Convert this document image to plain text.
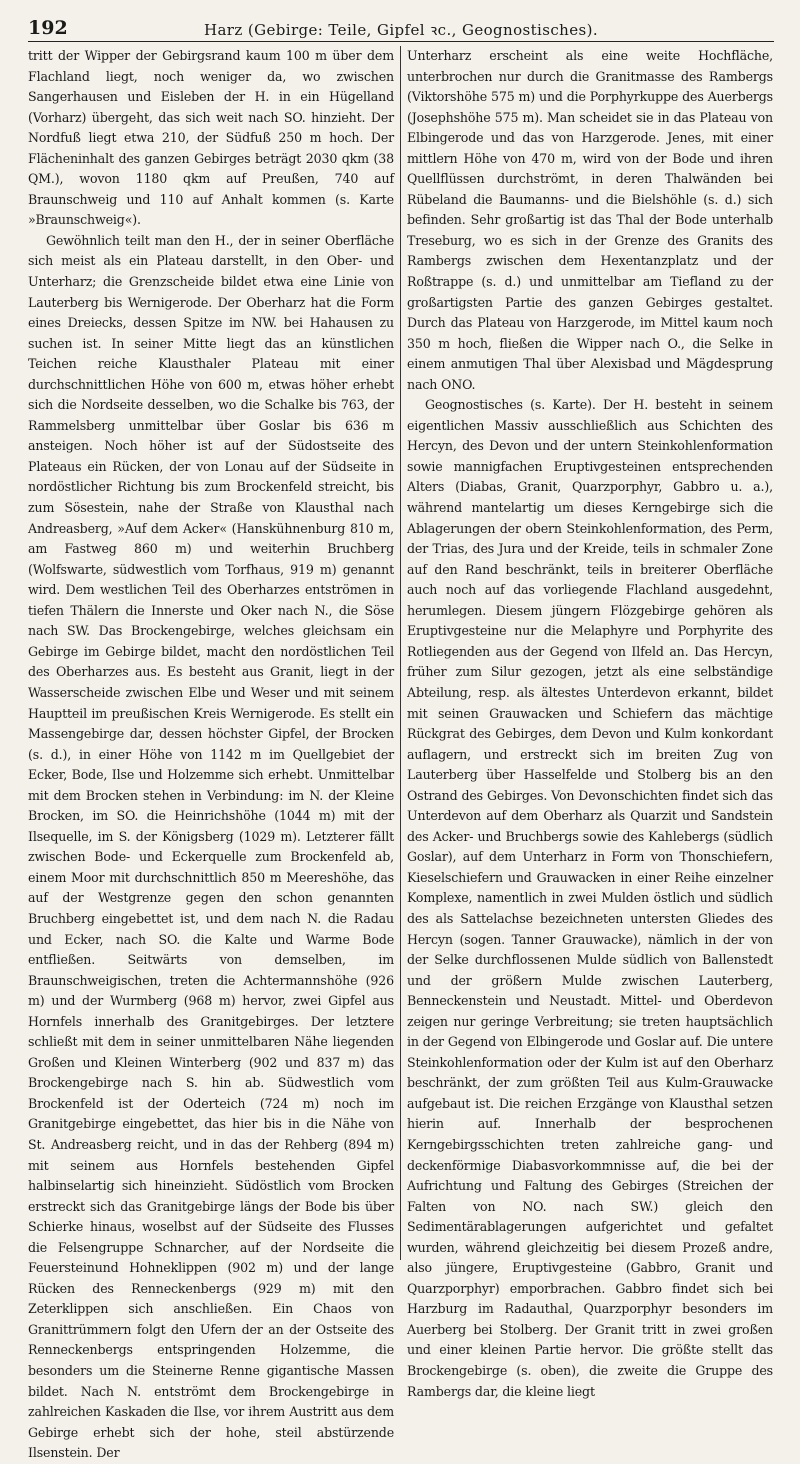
192	Harz (Gebirge: Teile, Gipfel ꝛc., Geognostisches).

tritt der Wipper der Gebirgsrand kaum 100 m über dem Flachland liegt, noch weniger da, wo zwischen Sangerhausen und Eisleben der H. in ein Hügelland (Vorharz) übergeht, das sich weit nach SO. hinzieht. Der Nordfuß liegt etwa 210, der Südfuß 250 m hoch. Der Flächeninhalt des ganzen Gebirges beträgt 2030 qkm (38 QM.), wovon 1180 qkm auf Preußen, 740 auf Braunschweig und 110 auf Anhalt kommen (s. Karte »Braunschweig«).

Gewöhnlich teilt man den H., der in seiner Oberfläche sich meist als ein Plateau darstellt, in den Ober- und Unterharz; die Grenzscheide bildet etwa eine Linie von Lauterberg bis Wernigerode. Der Oberharz hat die Form eines Dreiecks, dessen Spitze im NW. bei Hahausen zu suchen ist. In seiner Mitte liegt das an künstlichen Teichen reiche Klausthaler Plateau mit einer durchschnittlichen Höhe von 600 m, etwas höher erhebt sich die Nordseite desselben, wo die Schalke bis 763, der Rammelsberg unmittelbar über Goslar bis 636 m ansteigen. Noch höher ist auf der Südostseite des Plateaus ein Rücken, der von Lonau auf der Südseite in nordöstlicher Richtung bis zum Brockenfeld streicht, bis zum Sösestein, nahe der Straße von Klausthal nach Andreasberg, »Auf dem Acker« (Hanskühnenburg 810 m, am Fastweg 860 m) und weiterhin Bruchberg (Wolfswarte, südwestlich vom Torfhaus, 919 m) genannt wird. Dem westlichen Teil des Oberharzes entströmen in tiefen Thälern die Innerste und Oker nach N., die Söse nach SW. Das Brockengebirge, welches gleichsam ein Gebirge im Gebirge bildet, macht den nordöstlichen Teil des Oberharzes aus. Es besteht aus Granit, liegt in der Wasserscheide zwischen Elbe und Weser und mit seinem Hauptteil im preußischen Kreis Wernigerode. Es stellt ein Massengebirge dar, dessen höchster Gipfel, der Brocken (s. d.), in einer Höhe von 1142 m im Quellgebiet der Ecker, Bode, Ilse und Holzemme sich erhebt. Unmittelbar mit dem Brocken stehen in Verbindung: im N. der Kleine Brocken, im SO. die Heinrichshöhe (1044 m) mit der Ilsequelle, im S. der Königsberg (1029 m). Letzterer fällt zwischen Bode- und Eckerquelle zum Brockenfeld ab, einem Moor mit durchschnittlich 850 m Meereshöhe, das auf der Westgrenze gegen den schon genannten Bruchberg eingebettet ist, und dem nach N. die Radau und Ecker, nach SO. die Kalte und Warme Bode entfließen. Seitwärts von demselben, im Braunschweigischen, treten die Achtermannshöhe (926 m) und der Wurmberg (968 m) hervor, zwei Gipfel aus Hornfels innerhalb des Granitgebirges. Der letztere schließt mit dem in seiner unmittelbaren Nähe liegenden Großen und Kleinen Winterberg (902 und 837 m) das Brockengebirge nach S. hin ab. Südwestlich vom Brockenfeld ist der Oderteich (724 m) noch im Granitgebirge eingebettet, das hier bis in die Nähe von St. Andreasberg reicht, und in das der Rehberg (894 m) mit seinem aus Hornfels bestehenden Gipfel halbinselartig sich hineinzieht. Südöstlich vom Brocken erstreckt sich das Granitgebirge längs der Bode bis über Schierke hinaus, woselbst auf der Südseite des Flusses die Felsengruppe Schnarcher, auf der Nordseite die Feuersteinund Hohneklippen (902 m) und der lange Rücken des Renneckenbergs (929 m) mit den Zeterklippen sich anschließen. Ein Chaos von Granittrümmern folgt den Ufern der an der Ostseite des Renneckenbergs entspringenden Holzemme, die besonders um die Steinerne Renne gigantische Massen bildet. Nach N. entströmt dem Brockengebirge in zahlreichen Kaskaden die Ilse, vor ihrem Austritt aus dem Gebirge erhebt sich der hohe, steil abstürzende Ilsenstein. Der

Unterharz erscheint als eine weite Hochfläche, unterbrochen nur durch die Granitmasse des Rambergs (Viktorshöhe 575 m) und die Porphyrkuppe des Auerbergs (Josephshöhe 575 m). Man scheidet sie in das Plateau von Elbingerode und das von Harzgerode. Jenes, mit einer mittlern Höhe von 470 m, wird von der Bode und ihren Quellflüssen durchströmt, in deren Thalwänden bei Rübeland die Baumanns- und die Bielshöhle (s. d.) sich befinden. Sehr großartig ist das Thal der Bode unterhalb Treseburg, wo es sich in der Grenze des Granits des Rambergs zwischen dem Hexentanzplatz und der Roßtrappe (s. d.) und unmittelbar am Tiefland zu der großartigsten Partie des ganzen Gebirges gestaltet. Durch das Plateau von Harzgerode, im Mittel kaum noch 350 m hoch, fließen die Wipper nach O., die Selke in einem anmutigen Thal über Alexisbad und Mägdesprung nach ONO.

Geognostisches (s. Karte). Der H. besteht in seinem eigentlichen Massiv ausschließlich aus Schichten des Hercyn, des Devon und der untern Steinkohlenformation sowie mannigfachen Eruptivgesteinen entsprechenden Alters (Diabas, Granit, Quarzporphyr, Gabbro u. a.), während mantelartig um dieses Kerngebirge sich die Ablagerungen der obern Steinkohlenformation, des Perm, der Trias, des Jura und der Kreide, teils in schmaler Zone auf den Rand beschränkt, teils in breiterer Oberfläche auch noch auf das vorliegende Flachland ausgedehnt, herumlegen. Diesem jüngern Flözgebirge gehören als Eruptivgesteine nur die Melaphyre und Porphyrite des Rotliegenden aus der Gegend von Ilfeld an. Das Hercyn, früher zum Silur gezogen, jetzt als eine selbständige Abteilung, resp. als ältestes Unterdevon erkannt, bildet mit seinen Grauwacken und Schiefern das mächtige Rückgrat des Gebirges, dem Devon und Kulm konkordant auflagern, und erstreckt sich im breiten Zug von Lauterberg über Hasselfelde und Stolberg bis an den Ostrand des Gebirges. Von Devonschichten findet sich das Unterdevon auf dem Oberharz als Quarzit und Sandstein des Acker- und Bruchbergs sowie des Kahlebergs (südlich Goslar), auf dem Unterharz in Form von Thonschiefern, Kieselschiefern und Grauwacken in einer Reihe einzelner Komplexe, namentlich in zwei Mulden östlich und südlich des als Sattelachse bezeichneten untersten Gliedes des Hercyn (sogen. Tanner Grauwacke), nämlich in der von der Selke durchflossenen Mulde südlich von Ballenstedt und der größern Mulde zwischen Lauterberg, Benneckenstein und Neustadt. Mittel- und Oberdevon zeigen nur geringe Verbreitung; sie treten hauptsächlich in der Gegend von Elbingerode und Goslar auf. Die untere Steinkohlenformation oder der Kulm ist auf den Oberharz beschränkt, der zum größten Teil aus Kulm-Grauwacke aufgebaut ist. Die reichen Erzgänge von Klausthal setzen hierin auf. Innerhalb der besprochenen Kerngebirgsschichten treten zahlreiche gang- und deckenförmige Diabasvorkommnisse auf, die bei der Aufrichtung und Faltung des Gebirges (Streichen der Falten von NO. nach SW.) gleich den Sedimentärablagerungen aufgerichtet und gefaltet wurden, während gleichzeitig bei diesem Prozeß andre, also jüngere, Eruptivgesteine (Gabbro, Granit und Quarzporphyr) emporbrachen. Gabbro findet sich bei Harzburg im Radauthal, Quarzporphyr besonders im Auerberg bei Stolberg. Der Granit tritt in zwei großen und einer kleinen Partie hervor. Die größte stellt das Brockengebirge (s. oben), die zweite die Gruppe des Rambergs dar, die kleine liegt
